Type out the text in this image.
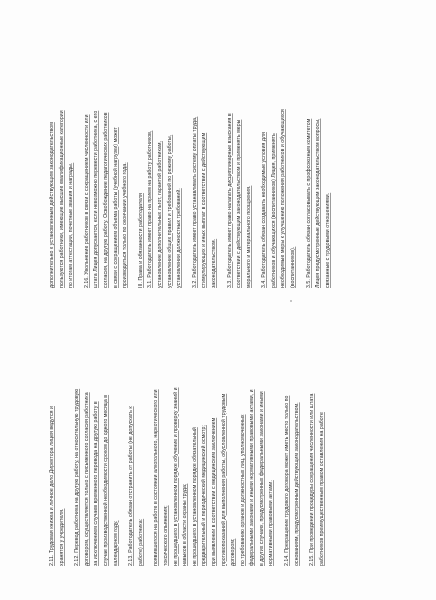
2.11. Трудовая книжка и личное дело Директора лицея ведутся и хранятся у учредителя.	2.12. Перевод работника на другую работу, на относительную трудовую договором, осуществляется только с письменного согласия работника за исключением случаев временного перевода на другую работу в случае производственной необходимости сроком до одного месяца в календарном году.	2.13. Работодатель обязан отстранить от работы (не допускать к работе) работника:	появившегося на работе в состоянии алкогольного, наркотического или токсического опьянения; не прошедшего в установленном порядке обучение и проверку знаний и навыков в области охраны труда; не прошедшего в установленном порядке обязательный предварительный и периодический медицинский осмотр; при выявлении в соответствии с медицинским заключением противопоказаний для выполнения работы, обусловленной трудовым договором; по требованию органов и должностных лиц, уполномоченных федеральными законами и иными нормативными правовыми актами, и в других случаях, предусмотренных федеральными законами и иными нормативными правовыми актами.	2.14. Прекращение трудового договора может иметь место только по основаниям, предусмотренным действующим законодательством.	2.15. При проведении процедуры сокращения численности или штата работников преимущественным правом оставления на работе
дополнительно к установленным действующим законодательством пользуются работники, имеющие высшие квалификационные категории по итогам аттестации, почетные звания и награды.	2.16. Увольнение работников в связи с сокращением численности или штата Лицея допускается, если невозможно перевести работника, с его согласия, на другую работу. Освобождение педагогических работников в связи с сокращением объема работы (учебной нагрузки) может производиться только по окончании учебного года.	III. Права и обязанности работодателя 3.1. Работодатель имеет право на прием на работу работников, установление дополнительных льгот, гарантий работникам, установление общих правил и требований по режиму работы, установлении должностных требований.	3.2. Работодатель имеет право устанавливать систему оплаты труда, стимулирующих и иных выплат в соответствии с действующим законодательством.	3.3. Работодатель имеет право налагать дисциплинарные взыскания в соответствии с действующим законодательством и применять меры морального и материального поощрения.	3.4. Работодатель обязан создавать необходимые условия для работников и обучающихся (воспитанников) Лицея, применять необходимые меры к улучшению положения работников и обучающихся (воспитанников).	3.5. Работодатель обязан согласовывать с профсоюзным комитетом Лицея предусмотренные действующим законодательством вопросы, связанные с трудовыми отношениями.
